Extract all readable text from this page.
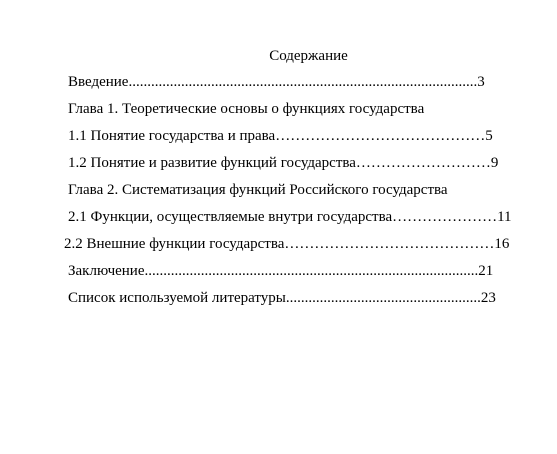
Содержание
Введение.............................................................................................3
Глава 1. Теоретические основы о функциях государства
1.1 Понятие государства и права……………………………………5
1.2 Понятие и развитие функций государства………………………9
Глава 2. Систематизация функций Российского государства
2.1 Функции, осуществляемые внутри государства…………………11
2.2 Внешние функции государства……………………………………16
Заключение.........................................................................................21
Список используемой литературы....................................................23
